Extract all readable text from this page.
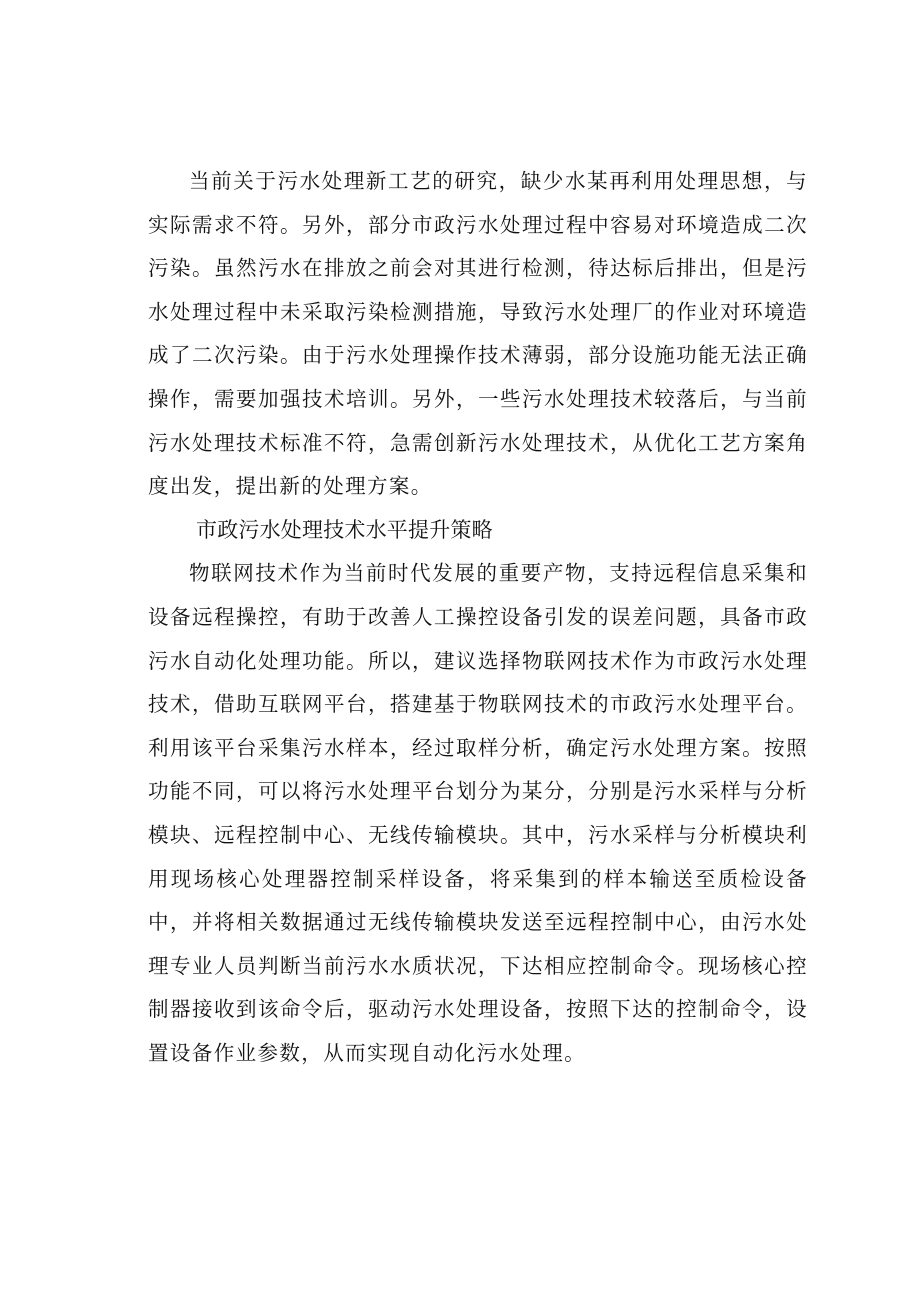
当前关于污水处理新工艺的研究，缺少水某再利用处理思想，与实际需求不符。另外，部分市政污水处理过程中容易对环境造成二次污染。虽然污水在排放之前会对其进行检测，待达标后排出，但是污水处理过程中未采取污染检测措施，导致污水处理厂的作业对环境造成了二次污染。由于污水处理操作技术薄弱，部分设施功能无法正确操作，需要加强技术培训。另外，一些污水处理技术较落后，与当前污水处理技术标准不符，急需创新污水处理技术，从优化工艺方案角度出发，提出新的处理方案。

市政污水处理技术水平提升策略

物联网技术作为当前时代发展的重要产物，支持远程信息采集和设备远程操控，有助于改善人工操控设备引发的误差问题，具备市政污水自动化处理功能。所以，建议选择物联网技术作为市政污水处理技术，借助互联网平台，搭建基于物联网技术的市政污水处理平台。利用该平台采集污水样本，经过取样分析，确定污水处理方案。按照功能不同，可以将污水处理平台划分为某分，分别是污水采样与分析模块、远程控制中心、无线传输模块。其中，污水采样与分析模块利用现场核心处理器控制采样设备，将采集到的样本输送至质检设备中，并将相关数据通过无线传输模块发送至远程控制中心，由污水处理专业人员判断当前污水水质状况，下达相应控制命令。现场核心控制器接收到该命令后，驱动污水处理设备，按照下达的控制命令，设置设备作业参数，从而实现自动化污水处理。
